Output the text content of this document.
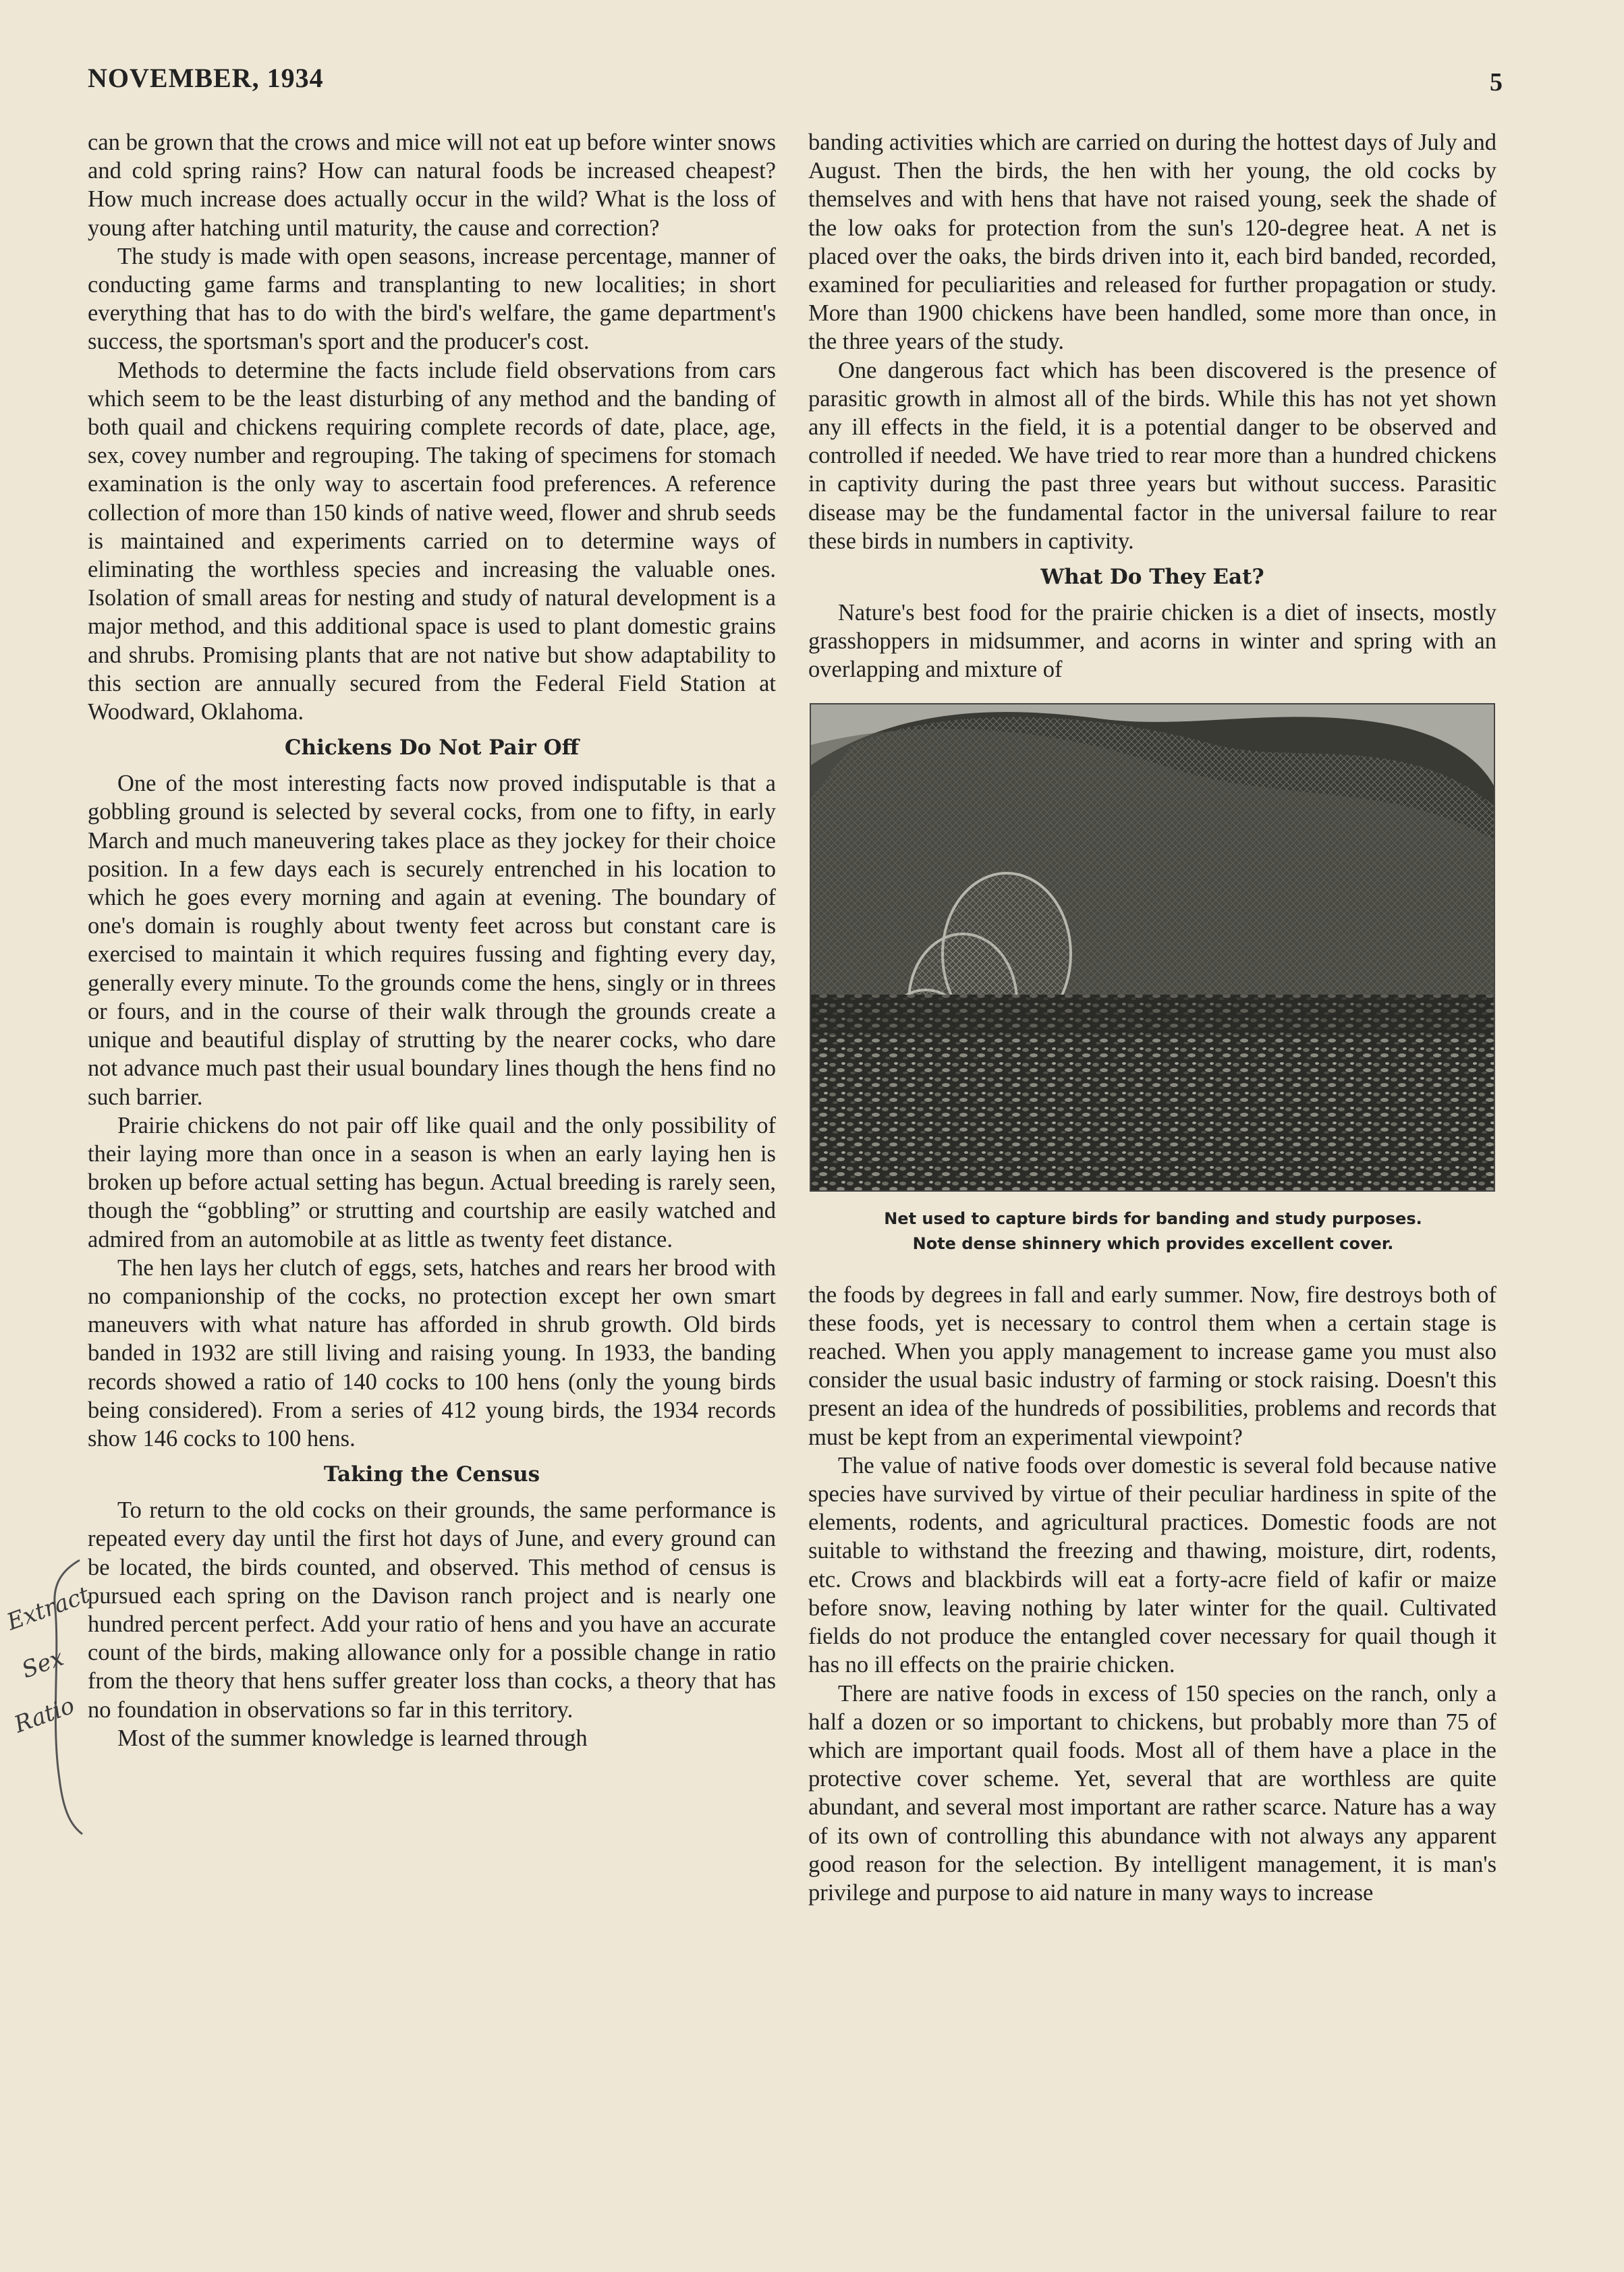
NOVEMBER, 1934	5

can be grown that the crows and mice will not eat up before winter snows and cold spring rains? How can natural foods be increased cheapest? How much increase does actually occur in the wild? What is the loss of young after hatching until maturity, the cause and correction?

The study is made with open seasons, increase percentage, manner of conducting game farms and transplanting to new localities; in short everything that has to do with the bird's welfare, the game department's success, the sportsman's sport and the producer's cost.

Methods to determine the facts include field observations from cars which seem to be the least disturbing of any method and the banding of both quail and chickens requiring complete records of date, place, age, sex, covey number and regrouping. The taking of specimens for stomach examination is the only way to ascertain food preferences. A reference collection of more than 150 kinds of native weed, flower and shrub seeds is maintained and experiments carried on to determine ways of eliminating the worthless species and increasing the valuable ones. Isolation of small areas for nesting and study of natural development is a major method, and this additional space is used to plant domestic grains and shrubs. Promising plants that are not native but show adaptability to this section are annually secured from the Federal Field Station at Woodward, Oklahoma.

Chickens Do Not Pair Off

One of the most interesting facts now proved indisputable is that a gobbling ground is selected by several cocks, from one to fifty, in early March and much maneuvering takes place as they jockey for their choice position. In a few days each is securely entrenched in his location to which he goes every morning and again at evening. The boundary of one's domain is roughly about twenty feet across but constant care is exercised to maintain it which requires fussing and fighting every day, generally every minute. To the grounds come the hens, singly or in threes or fours, and in the course of their walk through the grounds create a unique and beautiful display of strutting by the nearer cocks, who dare not advance much past their usual boundary lines though the hens find no such barrier.

Prairie chickens do not pair off like quail and the only possibility of their laying more than once in a season is when an early laying hen is broken up before actual setting has begun. Actual breeding is rarely seen, though the “gobbling” or strutting and courtship are easily watched and admired from an automobile at as little as twenty feet distance.

The hen lays her clutch of eggs, sets, hatches and rears her brood with no companionship of the cocks, no protection except her own smart maneuvers with what nature has afforded in shrub growth. Old birds banded in 1932 are still living and raising young. In 1933, the banding records showed a ratio of 140 cocks to 100 hens (only the young birds being considered). From a series of 412 young birds, the 1934 records show 146 cocks to 100 hens.

Taking the Census

To return to the old cocks on their grounds, the same performance is repeated every day until the first hot days of June, and every ground can be located, the birds counted, and observed. This method of census is pursued each spring on the Davison ranch project and is nearly one hundred percent perfect. Add your ratio of hens and you have an accurate count of the birds, making allowance only for a possible change in ratio from the theory that hens suffer greater loss than cocks, a theory that has no foundation in observations so far in this territory.

Most of the summer knowledge is learned through

banding activities which are carried on during the hottest days of July and August. Then the birds, the hen with her young, the old cocks by themselves and with hens that have not raised young, seek the shade of the low oaks for protection from the sun's 120-degree heat. A net is placed over the oaks, the birds driven into it, each bird banded, recorded, examined for peculiarities and released for further propagation or study. More than 1900 chickens have been handled, some more than once, in the three years of the study.

One dangerous fact which has been discovered is the presence of parasitic growth in almost all of the birds. While this has not yet shown any ill effects in the field, it is a potential danger to be observed and controlled if needed. We have tried to rear more than a hundred chickens in captivity during the past three years but without success. Parasitic disease may be the fundamental factor in the universal failure to rear these birds in numbers in captivity.

What Do They Eat?

Nature's best food for the prairie chicken is a diet of insects, mostly grasshoppers in midsummer, and acorns in winter and spring with an overlapping and mixture of

Net used to capture birds for banding and study purposes.
Note dense shinnery which provides excellent cover.

the foods by degrees in fall and early summer. Now, fire destroys both of these foods, yet is necessary to control them when a certain stage is reached. When you apply management to increase game you must also consider the usual basic industry of farming or stock raising. Doesn't this present an idea of the hundreds of possibilities, problems and records that must be kept from an experimental viewpoint?

The value of native foods over domestic is several fold because native species have survived by virtue of their peculiar hardiness in spite of the elements, rodents, and agricultural practices. Domestic foods are not suitable to withstand the freezing and thawing, moisture, dirt, rodents, etc. Crows and blackbirds will eat a forty-acre field of kafir or maize before snow, leaving nothing by later winter for the quail. Cultivated fields do not produce the entangled cover necessary for quail though it has no ill effects on the prairie chicken.

There are native foods in excess of 150 species on the ranch, only a half a dozen or so important to chickens, but probably more than 75 of which are important quail foods. Most all of them have a place in the protective cover scheme. Yet, several that are worthless are quite abundant, and several most important are rather scarce. Nature has a way of its own of controlling this abundance with not always any apparent good reason for the selection. By intelligent management, it is man's privilege and purpose to aid nature in many ways to increase

Extract
Sex
Ratio
